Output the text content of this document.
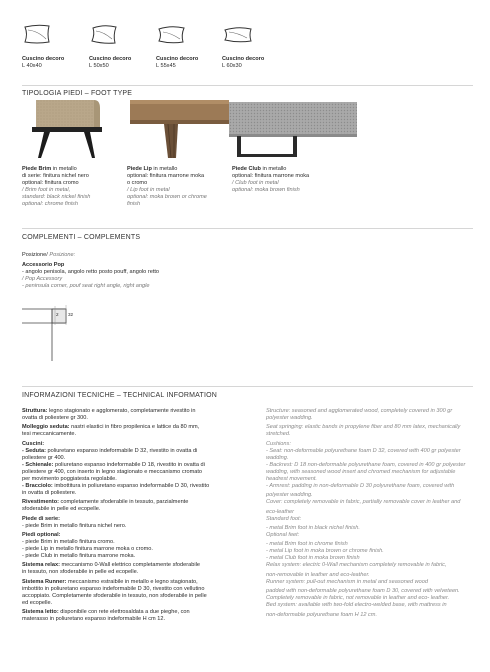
Cuscino decoro
L 40x40
Cuscino decoro
L 50x50
Cuscino decoro
L 55x45
Cuscino decoro
L 60x30
TIPOLOGIA PIEDI – FOOT TYPE
Piede Brim in metallo
di serie: finitura nichel nero
optional: finitura cromo
/ Brim foot in metal,
standard: black nickel finish
optional: chrome finish
Piede Lip in metallo
optional: finitura marrone moka
o cromo
/ Lip foot in metal
optional: moka brown or chrome
finish
Piede Club in metallo
optional: finitura marrone moka
/ Club foot in metal
optional: moka brown finish
COMPLEMENTI – COMPLEMENTS
Posizione/ Posizione:
Accessorio Pop
- angolo penisola, angolo retto posto pouff, angolo retto
/ Pop Accessory
- peninsula corner, pouf seat right angle, right angle
32
2
INFORMAZIONI TECNICHE – TECHNICAL INFORMATION
Struttura: legno stagionato e agglomerato, completamente rivestito in
ovatta di poliestere gr 300.
Molleggio seduta: nastri elastici in fibro propilenica e lattice da 80 mm,
tesi meccanicamente.
Cuscini:
- Seduta: poliuretano espanso indeformabile D 32, rivestito in ovatta di
poliestere gr 400.
- Schienale: poliuretano espanso indeformabile D 18, rivestito in ovatta di
poliestere gr 400, con inserto in legno stagionato e meccanismo cromato
per movimento poggiatesta regolabile.
- Bracciolo: imbottitura in poliuretano espanso indeformabile D 30, rivestito
in ovatta di poliestere.
Rivestimento: completamente sfoderabile in tessuto, parzialmente
sfoderabile in pelle ed ecopelle.
Piede di serie:
- piede Brim in metallo finitura nichel nero.
Piedi optional:
- piede Brim in metallo finitura cromo.
- piede Lip in metallo finitura marrone moka o cromo.
- piede Club in metallo finitura marrone moka.
Sistema relax: meccanismo 0-Wall elettrico completamente sfoderabile
in tessuto, non sfoderabile in pelle ed ecopelle.
Sistema Runner: meccanismo estraibile in metallo e legno stagionato,
imbottito in poliuretano espanso indeformabile D 30, rivestito con vellutino
accoppiato. Completamente sfoderabile in tessuto, non sfoderabile in pelle
ed ecopelle.
Sistema letto: disponibile con rete elettrosaldata a due pieghe, con
materasso in poliuretano espanso indeformabile H cm 12.
Structure: seasoned and agglomerated wood, completely covered in 300 gr
polyester wadding.
Seat springing: elastic bands in propylene fiber and 80 mm latex, mechanically
stretched.
Cushions:
- Seat: non-deformable polyurethane foam D 32, covered with 400 gr polyester
wadding.
- Backrest: D 18 non-deformable polyurethane foam, covered in 400 gr polyester
wadding, with seasoned wood insert and chromed mechanism for adjustable
headrest movement.
- Armrest: padding in non-deformable D 30 polyurethane foam, covered with
polyester wadding.
Cover: completely removable in fabric, partially removable cover in leather and
eco-leather
Standard foot:
- metal Brim foot in black nichel finish.
Optional feet:
- metal Brim foot in chrome finish
- metal Lip foot in moka brown or chrome finish.
- metal Club foot in moka brown finish
Relax system: electric 0-Wall mechanism completely removable in fabric,
non-removable in leather and eco-leather.
Runner system: pull-out mechanism in metal and seasoned wood
padded with non-deformable polyurethane foam D 30, covered with velveteen.
Completely removable in fabric, not removable in leather and eco- leather.
Bed system: available with two-fold electro-welded base, with mattress in
non-deformable polyurethane foam H 12 cm.
